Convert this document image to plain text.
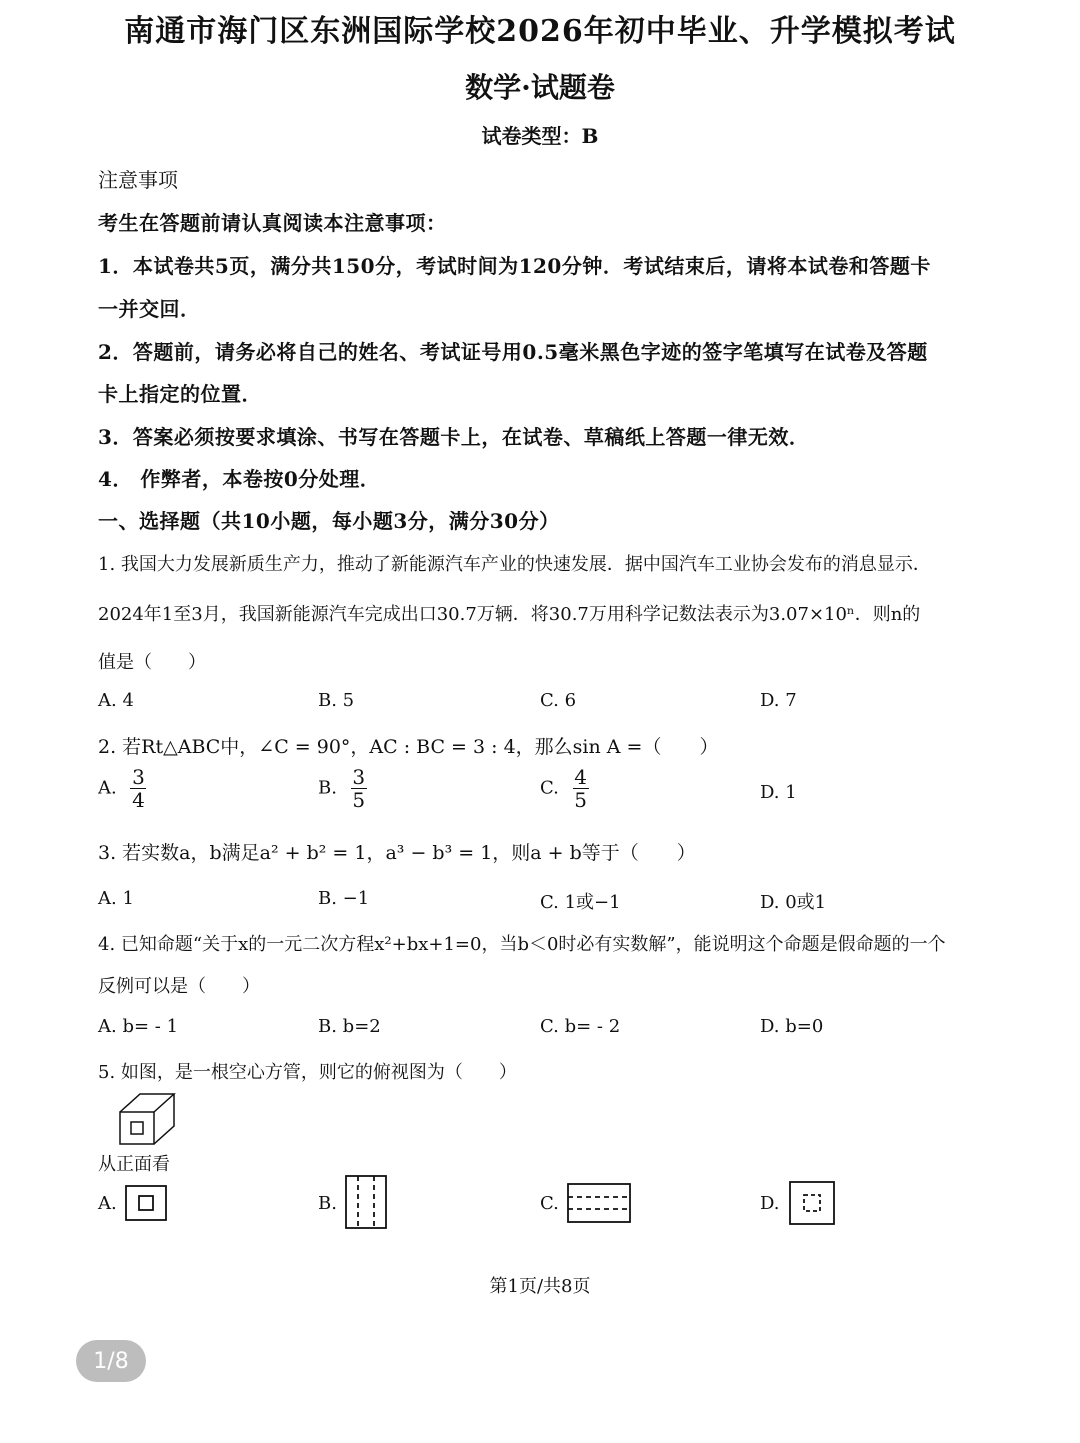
南通市海门区东洲国际学校2026年初中毕业、升学模拟考试
数学·试题卷
试卷类型：B
注意事项
考生在答题前请认真阅读本注意事项：
1．本试卷共5页，满分共150分，考试时间为120分钟．考试结束后，请将本试卷和答题卡
一并交回．
2．答题前，请务必将自己的姓名、考试证号用0.5毫米黑色字迹的签字笔填写在试卷及答题
卡上指定的位置．
3．答案必须按要求填涂、书写在答题卡上，在试卷、草稿纸上答题一律无效．
4． 作弊者，本卷按0分处理．
一、选择题（共10小题，每小题3分，满分30分）
1. 我国大力发展新质生产力，推动了新能源汽车产业的快速发展．据中国汽车工业协会发布的消息显示．
2024年1至3月，我国新能源汽车完成出口30.7万辆．将30.7万用科学记数法表示为3.07×10ⁿ．则n的
值是（　　）
A. 4	B. 5	C. 6	D. 7
2. 若Rt△ABC中，∠C = 90°，AC : BC = 3 : 4，那么sin A =（　　）
A. $\frac{3}{4}$	B. $\frac{3}{5}$	C. $\frac{4}{5}$	D. 1
3. 若实数a，b满足a² + b² = 1，a³ − b³ = 1，则a + b等于（　　）
A. 1	B. −1	C. 1或−1	D. 0或1
4. 已知命题“关于x的一元二次方程x²+bx+1=0，当b＜0时必有实数解”，能说明这个命题是假命题的一个
反例可以是（　　）
A. b= - 1	B. b=2	C. b= - 2	D. b=0
5. 如图，是一根空心方管，则它的俯视图为（　　）
从正面看
A.	B.	C.	D.
第1页/共8页
1/8
